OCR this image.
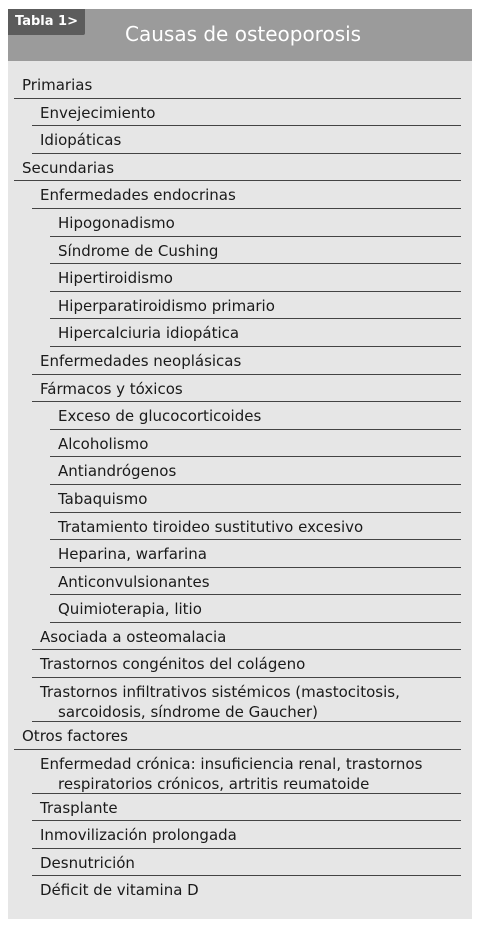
Tabla 1>
Causas de osteoporosis
Primarias
Envejecimiento
Idiopáticas
Secundarias
Enfermedades endocrinas
Hipogonadismo
Síndrome de Cushing
Hipertiroidismo
Hiperparatiroidismo primario
Hipercalciuria idiopática
Enfermedades neoplásicas
Fármacos y tóxicos
Exceso de glucocorticoides
Alcoholismo
Antiandrógenos
Tabaquismo
Tratamiento tiroideo sustitutivo excesivo
Heparina, warfarina
Anticonvulsionantes
Quimioterapia, litio
Asociada a osteomalacia
Trastornos congénitos del colágeno
Trastornos infiltrativos sistémicos (mastocitosis,
sarcoidosis, síndrome de Gaucher)
Otros factores
Enfermedad crónica: insuficiencia renal, trastornos
respiratorios crónicos, artritis reumatoide
Trasplante
Inmovilización prolongada
Desnutrición
Déficit de vitamina D
